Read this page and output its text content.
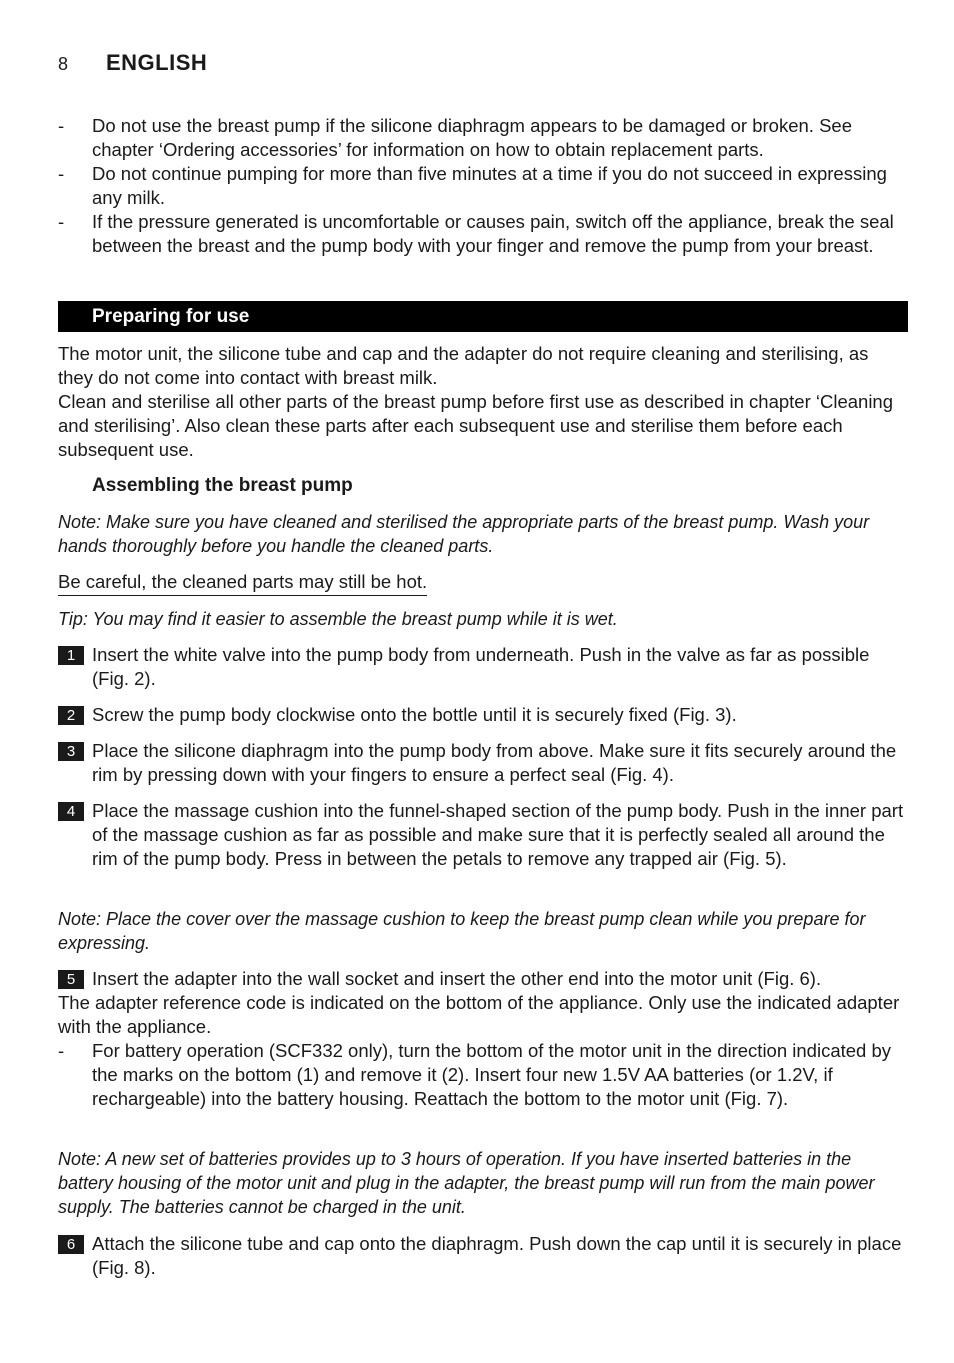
8	ENGLISH
-	Do not use the breast pump if the silicone diaphragm appears to be damaged or broken. See chapter ‘Ordering accessories’ for information on how to obtain replacement parts.
-	Do not continue pumping for more than five minutes at a time if you do not succeed in expressing any milk.
-	If the pressure generated is uncomfortable or causes pain, switch off the appliance, break the seal between the breast and the pump body with your finger and remove the pump from your breast.
Preparing for use

The motor unit, the silicone tube and cap and the adapter do not require cleaning and sterilising, as they do not come into contact with breast milk.

Clean and sterilise all other parts of the breast pump before first use as described in chapter ‘Cleaning and sterilising’. Also clean these parts after each subsequent use and sterilise them before each subsequent use.

Assembling the breast pump

Note: Make sure you have cleaned and sterilised the appropriate parts of the breast pump. Wash your hands thoroughly before you handle the cleaned parts.

Be careful, the cleaned parts may still be hot.

Tip: You may find it easier to assemble the breast pump while it is wet.

1 Insert the white valve into the pump body from underneath. Push in the valve as far as possible (Fig. 2).
2 Screw the pump body clockwise onto the bottle until it is securely fixed (Fig. 3).
3 Place the silicone diaphragm into the pump body from above. Make sure it fits securely around the rim by pressing down with your fingers to ensure a perfect seal (Fig. 4).
4 Place the massage cushion into the funnel-shaped section of the pump body. Push in the inner part of the massage cushion as far as possible and make sure that it is perfectly sealed all around the rim of the pump body. Press in between the petals to remove any trapped air (Fig. 5).

Note: Place the cover over the massage cushion to keep the breast pump clean while you prepare for expressing.

5 Insert the adapter into the wall socket and insert the other end into the motor unit (Fig. 6).

The adapter reference code is indicated on the bottom of the appliance. Only use the indicated adapter with the appliance.

-	For battery operation (SCF332 only), turn the bottom of the motor unit in the direction indicated by the marks on the bottom (1) and remove it (2). Insert four new 1.5V AA batteries (or 1.2V, if rechargeable) into the battery housing. Reattach the bottom to the motor unit (Fig. 7).

Note: A new set of batteries provides up to 3 hours of operation. If you have inserted batteries in the battery housing of the motor unit and plug in the adapter, the breast pump will run from the main power supply. The batteries cannot be charged in the unit.

6 Attach the silicone tube and cap onto the diaphragm. Push down the cap until it is securely in place (Fig. 8).
